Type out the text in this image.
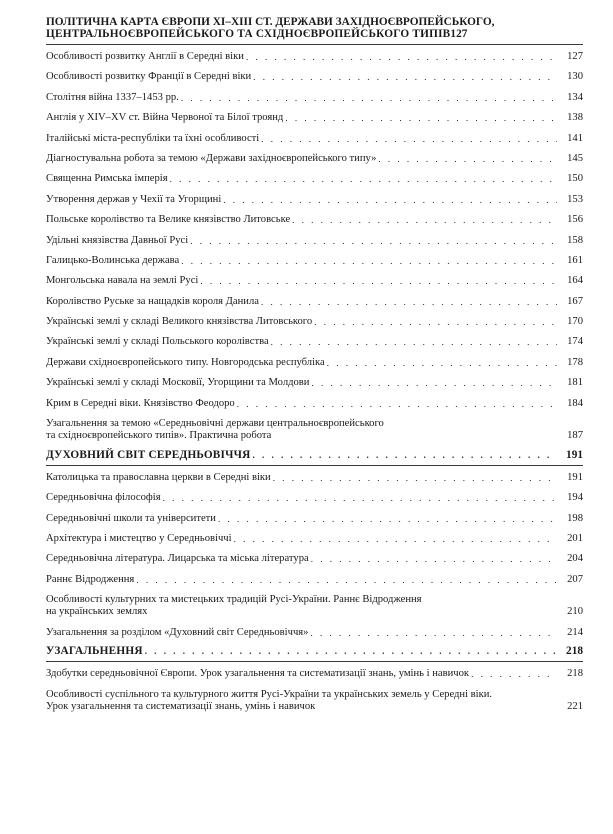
ПОЛІТИЧНА КАРТА ЄВРОПИ XI–XIII СТ. ДЕРЖАВИ ЗАХІДНОЄВРОПЕЙСЬКОГО,
ЦЕНТРАЛЬНОЄВРОПЕЙСЬКОГО ТА СХІДНОЄВРОПЕЙСЬКОГО ТИПІВ 127
Особливості розвитку Англії в Середні віки . . .	127
Особливості розвитку Франції в Середні віки . . .	130
Столітня війна 1337–1453 рр. . . .	134
Англія у XIV–XV ст. Війна Червоної та Білої троянд . . .	138
Італійські міста-республіки та їхні особливості . . .	141
Діагностувальна робота за темою «Держави західноєвропейського типу» . . .	145
Священна Римська імперія . . .	150
Утворення держав у Чехії та Угорщині . . .	153
Польське королівство та Велике князівство Литовське . . .	156
Удільні князівства Давньої Русі . . .	158
Галицько-Волинська держава . . .	161
Монгольська навала на землі Русі . . .	164
Королівство Руське за нащадків короля Данила . . .	167
Українські землі у складі Великого князівства Литовського . . .	170
Українські землі у складі Польського королівства . . .	174
Держави східноєвропейського типу. Новгородська республіка . . .	178
Українські землі у складі Московії, Угорщини та Молдови . . .	181
Крим в Середні віки. Князівство Феодоро . . .	184
Узагальнення за темою «Середньовічні держави центральноєвропейського
та східноєвропейського типів». Практична робота	187
ДУХОВНИЙ СВІТ СЕРЕДНЬОВІЧЧЯ . . .	191
Католицька та православна церкви в Середні віки . . .	191
Середньовічна філософія . . .	194
Середньовічні школи та університети . . .	198
Архітектура і мистецтво у Середньовіччі . . .	201
Середньовічна література. Лицарська та міська література . . .	204
Раннє Відродження . . .	207
Особливості культурних та мистецьких традицій Русі-України. Раннє Відродження
на українських землях	210
Узагальнення за розділом «Духовний світ Середньовіччя» . . .	214
УЗАГАЛЬНЕННЯ . . .	218
Здобутки середньовічної Європи. Урок узагальнення та систематизації знань, умінь і навичок . . .	218
Особливості суспільного та культурного життя Русі-України та українських земель у Середні віки.
Урок узагальнення та систематизації знань, умінь і навичок	221
